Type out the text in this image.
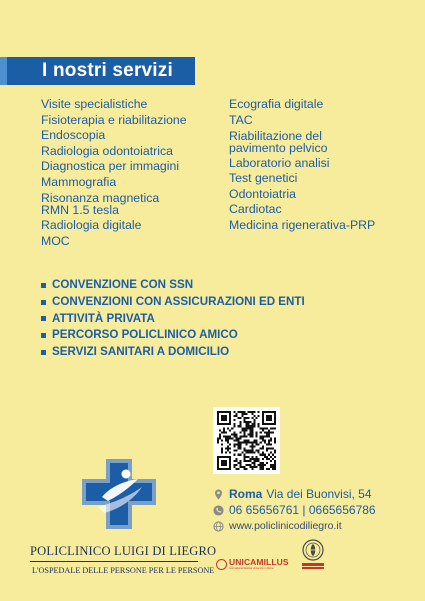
I nostri servizi
Visite specialistiche
Fisioterapia e riabilitazione
Endoscopia
Radiologia odontoiatrica
Diagnostica per immagini
Mammografia
Risonanza magnetica RMN 1.5 tesla
Radiologia digitale
MOC
Ecografia digitale
TAC
Riabilitazione del pavimento pelvico
Laboratorio analisi
Test genetici
Odontoiatria
Cardiotac
Medicina rigenerativa-PRP
CONVENZIONE CON SSN
CONVENZIONI CON ASSICURAZIONI ED ENTI
ATTIVITÀ PRIVATA
PERCORSO POLICLINICO AMICO
SERVIZI SANITARI A DOMICILIO
Roma Via dei Buonvisi, 54
06 65656761 | 0665656786
www.policlinicodiliegro.it
POLICLINICO LUIGI DI LIEGRO
L'OSPEDALE DELLE PERSONE PER LE PERSONE
UNICAMILLUS
International Medical University in Rome
